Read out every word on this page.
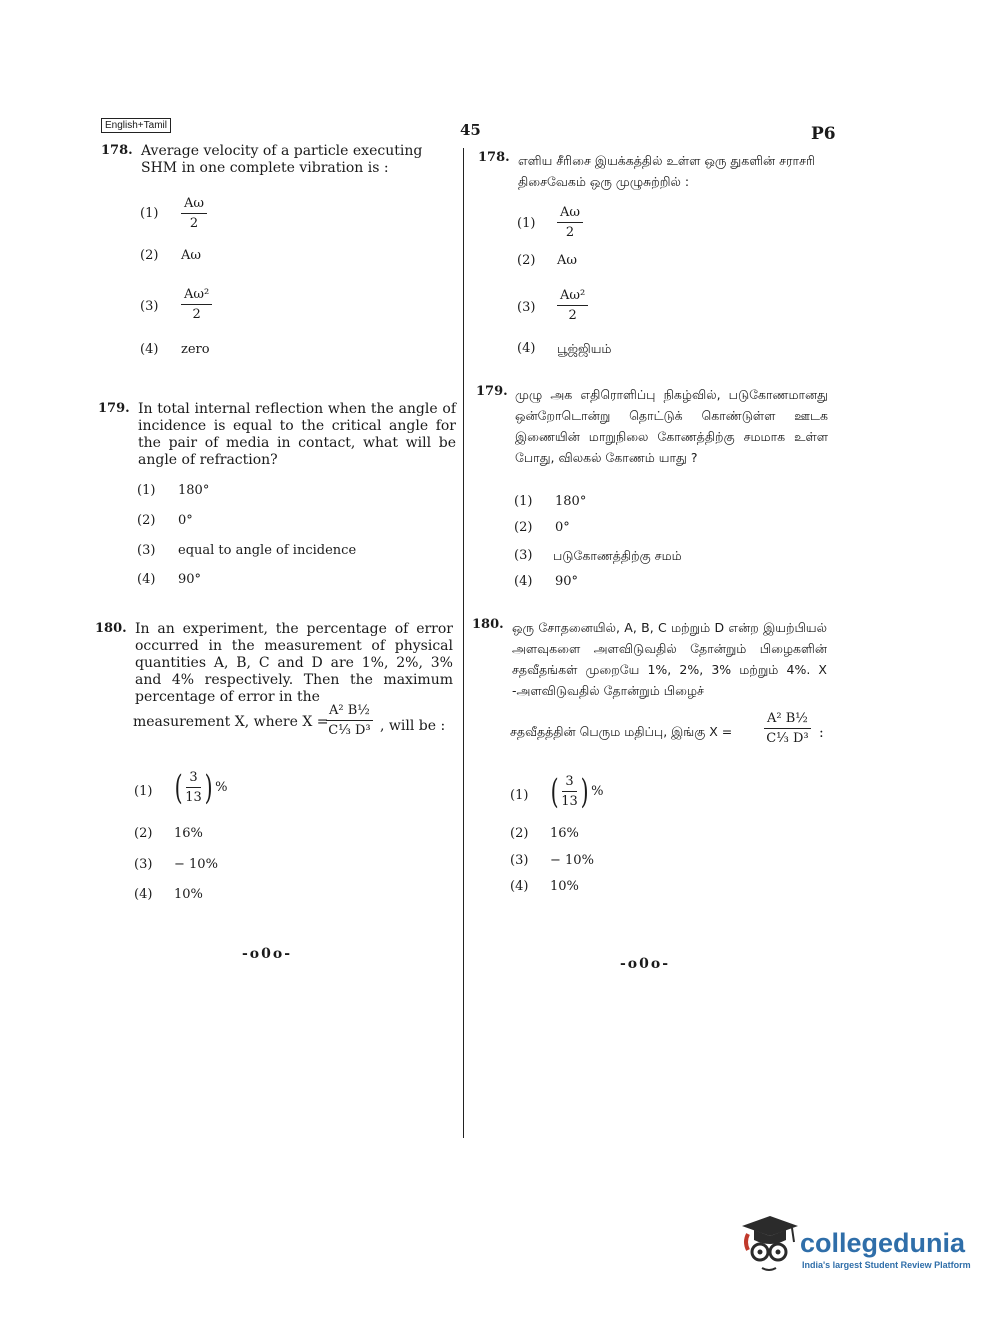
English+Tamil	45	P6
178. Average velocity of a particle executing SHM in one complete vibration is :
$(1) \frac{A\omega}{2}$
(2) Aω
$(3) \frac{\text{Aω²}}{2}$
(4) zero
179. In total internal reflection when the angle of incidence is equal to the critical angle for the pair of media in contact, what will be angle of refraction?
(1) 180°
(2) 0°
(3) equal to angle of incidence
(4) 90°
180. In an experiment, the percentage of error occurred in the measurement of physical quantities A, B, C and D are 1%, 2%, 3% and 4% respectively. Then the maximum percentage of error in the
measurement X, where X =
$\frac{\text{A² B½}}{\text{C⅓ D³}}$ , will be :
(1) ( $\frac{3}{13}$ ) %
(2) 16%
(3) − 10%
(4) 10%
-o0o-
178. எளிய சீரிசை இயக்கத்தில் உள்ள ஒரு துகளின் சராசரி திசைவேகம் ஒரு முழுசுற்றில் :
$(1) \frac{A\omega}{2}$
(2) Aω
$(3) \frac{\text{Aω²}}{2}$
(4) பூஜ்ஜியம்
179. முழு அக எதிரொளிப்பு நிகழ்வில், படுகோணமானது ஒன்றோடொன்று தொட்டுக் கொண்டுள்ள ஊடக இணையின் மாறுநிலை கோணத்திற்கு சமமாக உள்ள போது, விலகல் கோணம் யாது ?
(1) 180°
(2) 0°
(3) படுகோணத்திற்கு சமம்
(4) 90°
180. ஒரு சோதனையில், A, B, C மற்றும் D என்ற இயற்பியல் அளவுகளை அளவிடுவதில் தோன்றும் பிழைகளின் சதவீதங்கள் முறையே 1%, 2%, 3% மற்றும் 4%. X -அளவிடுவதில் தோன்றும் பிழைச்
சதவீதத்தின் பெரும மதிப்பு, இங்கு $X = \frac{\text{A² B½}}{\text{C⅓ D³}}$ :
(1) ( $\frac{3}{13}$ ) %
(2) 16%
(3) − 10%
(4) 10%
-o0o-
collegedunia
India's largest Student Review Platform
